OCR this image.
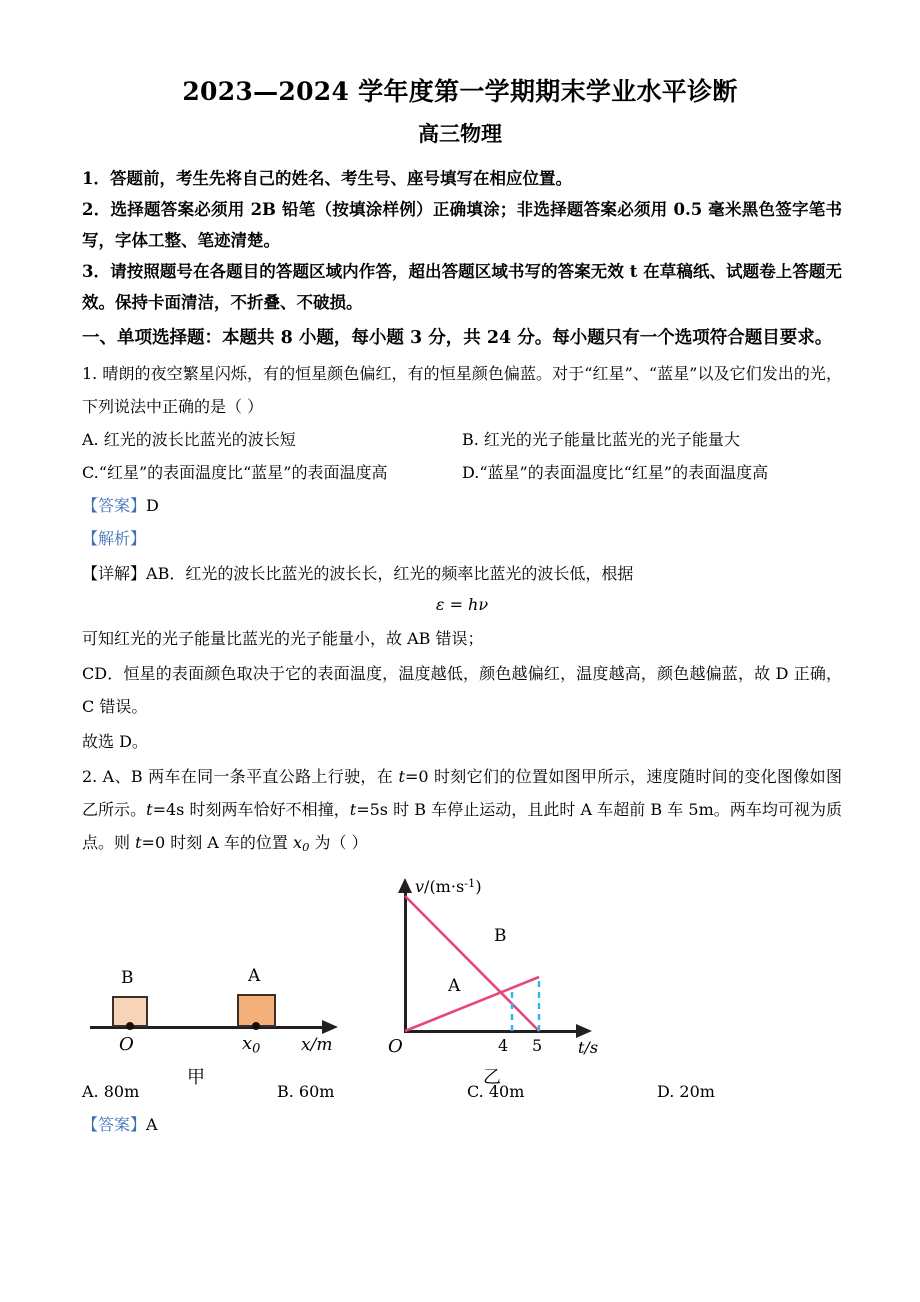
2023—2024 学年度第一学期期末学业水平诊断
高三物理

1．答题前，考生先将自己的姓名、考生号、座号填写在相应位置。

2．选择题答案必须用 2B 铅笔（按填涂样例）正确填涂；非选择题答案必须用 0.5 毫米黑色签字笔书写，字体工整、笔迹清楚。

3．请按照题号在各题目的答题区域内作答，超出答题区域书写的答案无效 t 在草稿纸、试题卷上答题无效。保持卡面清洁，不折叠、不破损。

一、单项选择题：本题共 8 小题，每小题 3 分，共 24 分。每小题只有一个选项符合题目要求。

1. 晴朗的夜空繁星闪烁，有的恒星颜色偏红，有的恒星颜色偏蓝。对于“红星”、“蓝星”以及它们发出的光，下列说法中正确的是（ ）

A. 红光的波长比蓝光的波长短	B. 红光的光子能量比蓝光的光子能量大
C.“红星”的表面温度比“蓝星”的表面温度高	D.“蓝星”的表面温度比“红星”的表面温度高

【答案】D

【解析】

【详解】AB．红光的波长比蓝光的波长长，红光的频率比蓝光的波长低，根据

ε = hν

可知红光的光子能量比蓝光的光子能量小，故 AB 错误；

CD．恒星的表面颜色取决于它的表面温度，温度越低，颜色越偏红，温度越高，颜色越偏蓝，故 D 正确，C 错误。

故选 D。

2. A、B 两车在同一条平直公路上行驶，在 t=0 时刻它们的位置如图甲所示，速度随时间的变化图像如图乙所示。t=4s 时刻两车恰好不相撞，t=5s 时 B 车停止运动，且此时 A 车超前 B 车 5m。两车均可视为质点。则 t=0 时刻 A 车的位置 $x_0$ 为（ ）

B	A
O	$x_0$ x/m
甲
$v/(m\cdot s^{-1})$
B
A
O	4 5 t/s
乙
A. 80m	B. 60m	C. 40m	D. 20m

【答案】A
